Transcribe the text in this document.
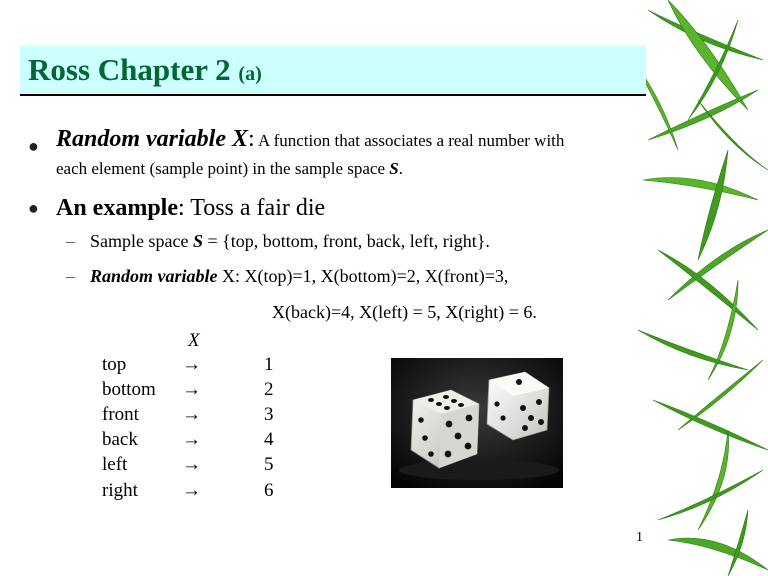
Ross Chapter 2 (a)
● Random variable X: A function that associates a real number with
each element (sample point) in the sample space S.
● An example: Toss a fair die
– Sample space S = {top, bottom, front, back, left, right}.
– Random variable X: X(top)=1, X(bottom)=2, X(front)=3,
X(back)=4, X(left) = 5, X(right) = 6.
X
top	→	1
bottom →	2
front →	3
back →	4
left	→	5
right →	6
1
